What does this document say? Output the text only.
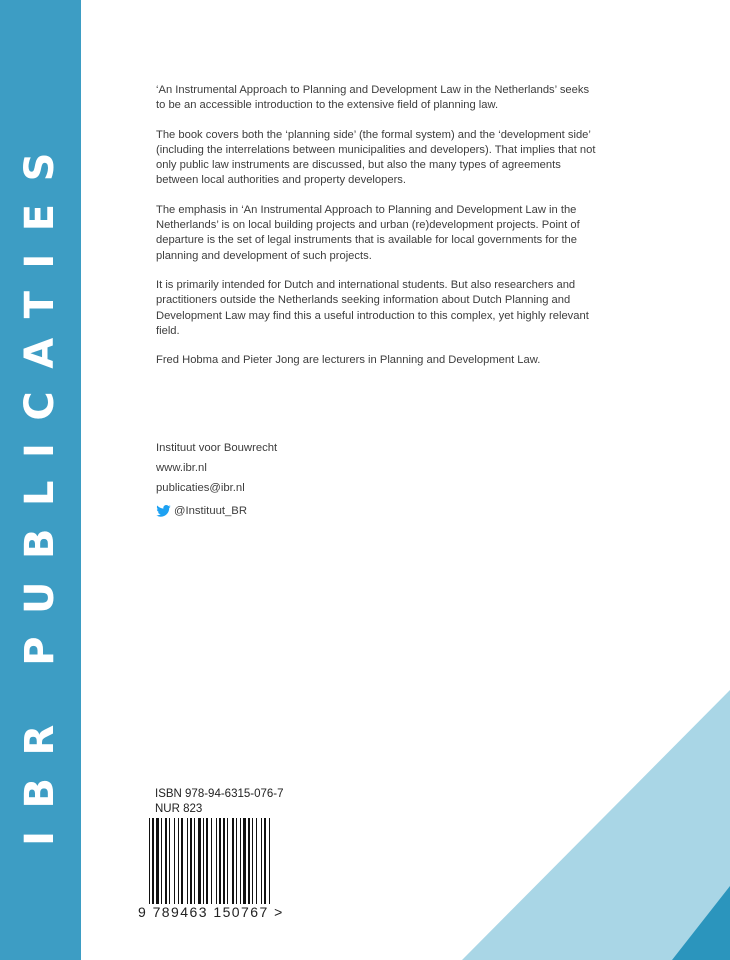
IBR PUBLICATIES

‘An Instrumental Approach to Planning and Development Law in the Netherlands’ seeks to be an accessible introduction to the extensive field of planning law.

The book covers both the ‘planning side’ (the formal system) and the ‘development side’ (including the interrelations between municipalities and developers). That implies that not only public law instruments are discussed, but also the many types of agreements between local authorities and property developers.

The emphasis in ‘An Instrumental Approach to Planning and Development Law in the Netherlands’ is on local building projects and urban (re)development projects. Point of departure is the set of legal instruments that is available for local governments for the planning and development of such projects.

It is primarily intended for Dutch and international students. But also researchers and practitioners outside the Netherlands seeking information about Dutch Planning and Development Law may find this a useful introduction to this complex, yet highly relevant field.

Fred Hobma and Pieter Jong are lecturers in Planning and Development Law.

Instituut voor Bouwrecht
www.ibr.nl
publicaties@ibr.nl
@Instituut_BR
ISBN 978-94-6315-076-7
NUR 823
9 789463 150767 >
